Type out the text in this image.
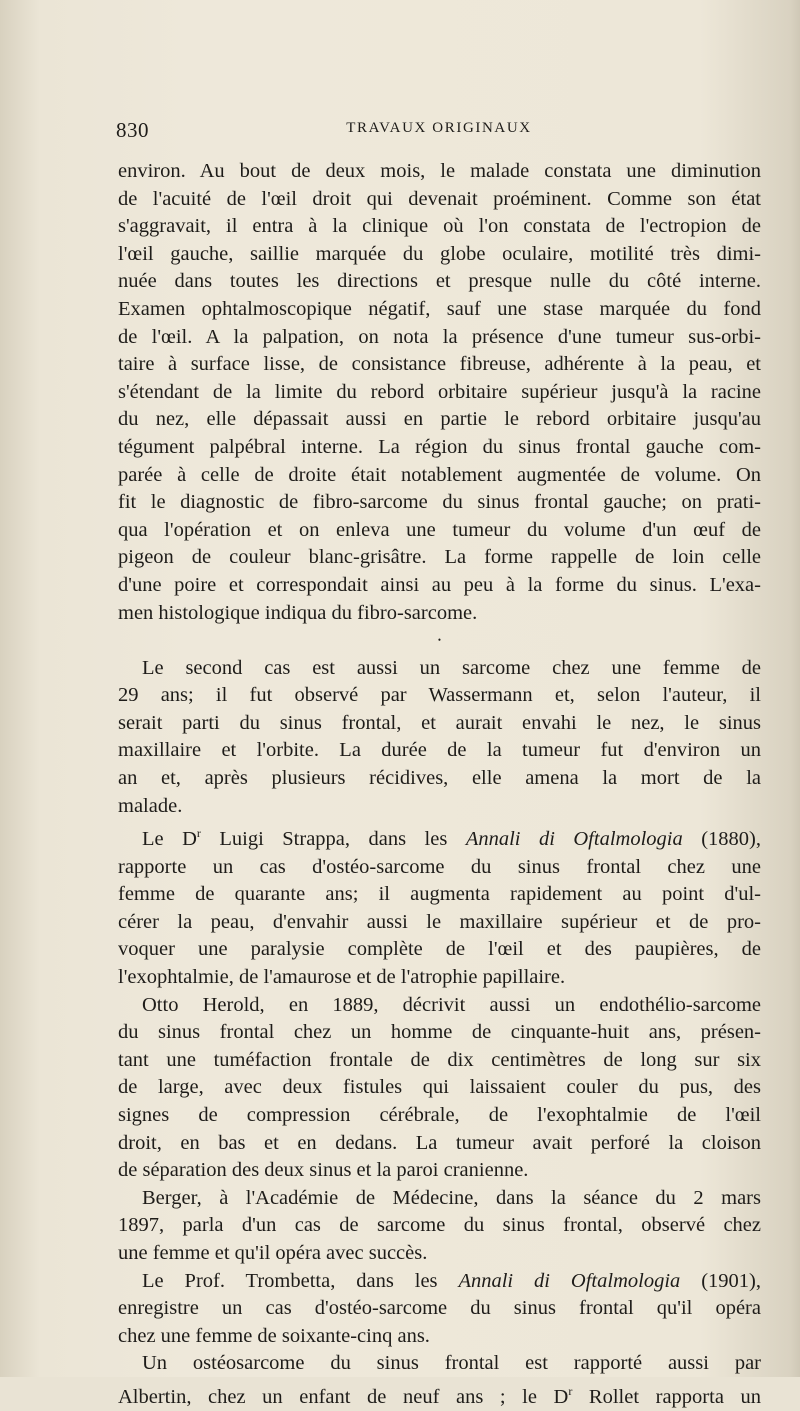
830	TRAVAUX ORIGINAUX
environ. Au bout de deux mois, le malade constata une diminution
de l'acuité de l'œil droit qui devenait proéminent. Comme son état
s'aggravait, il entra à la clinique où l'on constata de l'ectropion de
l'œil gauche, saillie marquée du globe oculaire, motilité très dimi-
nuée dans toutes les directions et presque nulle du côté interne.
Examen ophtalmoscopique négatif, sauf une stase marquée du fond
de l'œil. A la palpation, on nota la présence d'une tumeur sus-orbi-
taire à surface lisse, de consistance fibreuse, adhérente à la peau, et
s'étendant de la limite du rebord orbitaire supérieur jusqu'à la racine
du nez, elle dépassait aussi en partie le rebord orbitaire jusqu'au
tégument palpébral interne. La région du sinus frontal gauche com-
parée à celle de droite était notablement augmentée de volume. On
fit le diagnostic de fibro-sarcome du sinus frontal gauche; on prati-
qua l'opération et on enleva une tumeur du volume d'un œuf de
pigeon de couleur blanc-grisâtre. La forme rappelle de loin celle
d'une poire et correspondait ainsi au peu à la forme du sinus. L'exa-
men histologique indiqua du fibro-sarcome.
•
Le second cas est aussi un sarcome chez une femme de
29 ans; il fut observé par Wassermann et, selon l'auteur, il
serait parti du sinus frontal, et aurait envahi le nez, le sinus
maxillaire et l'orbite. La durée de la tumeur fut d'environ un
an et, après plusieurs récidives, elle amena la mort de la
malade.
Le $D^r$ Luigi Strappa, dans les Annali di Oftalmologia (1880),
rapporte un cas d'ostéo-sarcome du sinus frontal chez une
femme de quarante ans; il augmenta rapidement au point d'ul-
cérer la peau, d'envahir aussi le maxillaire supérieur et de pro-
voquer une paralysie complète de l'œil et des paupières, de
l'exophtalmie, de l'amaurose et de l'atrophie papillaire.
Otto Herold, en 1889, décrivit aussi un endothélio-sarcome
du sinus frontal chez un homme de cinquante-huit ans, présen-
tant une tuméfaction frontale de dix centimètres de long sur six
de large, avec deux fistules qui laissaient couler du pus, des
signes de compression cérébrale, de l'exophtalmie de l'œil
droit, en bas et en dedans. La tumeur avait perforé la cloison
de séparation des deux sinus et la paroi cranienne.
Berger, à l'Académie de Médecine, dans la séance du 2 mars
1897, parla d'un cas de sarcome du sinus frontal, observé chez
une femme et qu'il opéra avec succès.
Le Prof. Trombetta, dans les Annali di Oftalmologia (1901),
enregistre un cas d'ostéo-sarcome du sinus frontal qu'il opéra
chez une femme de soixante-cinq ans.
Un ostéosarcome du sinus frontal est rapporté aussi par
Albertin, chez un enfant de neuf ans ; le $D^r$ Rollet rapporta un
